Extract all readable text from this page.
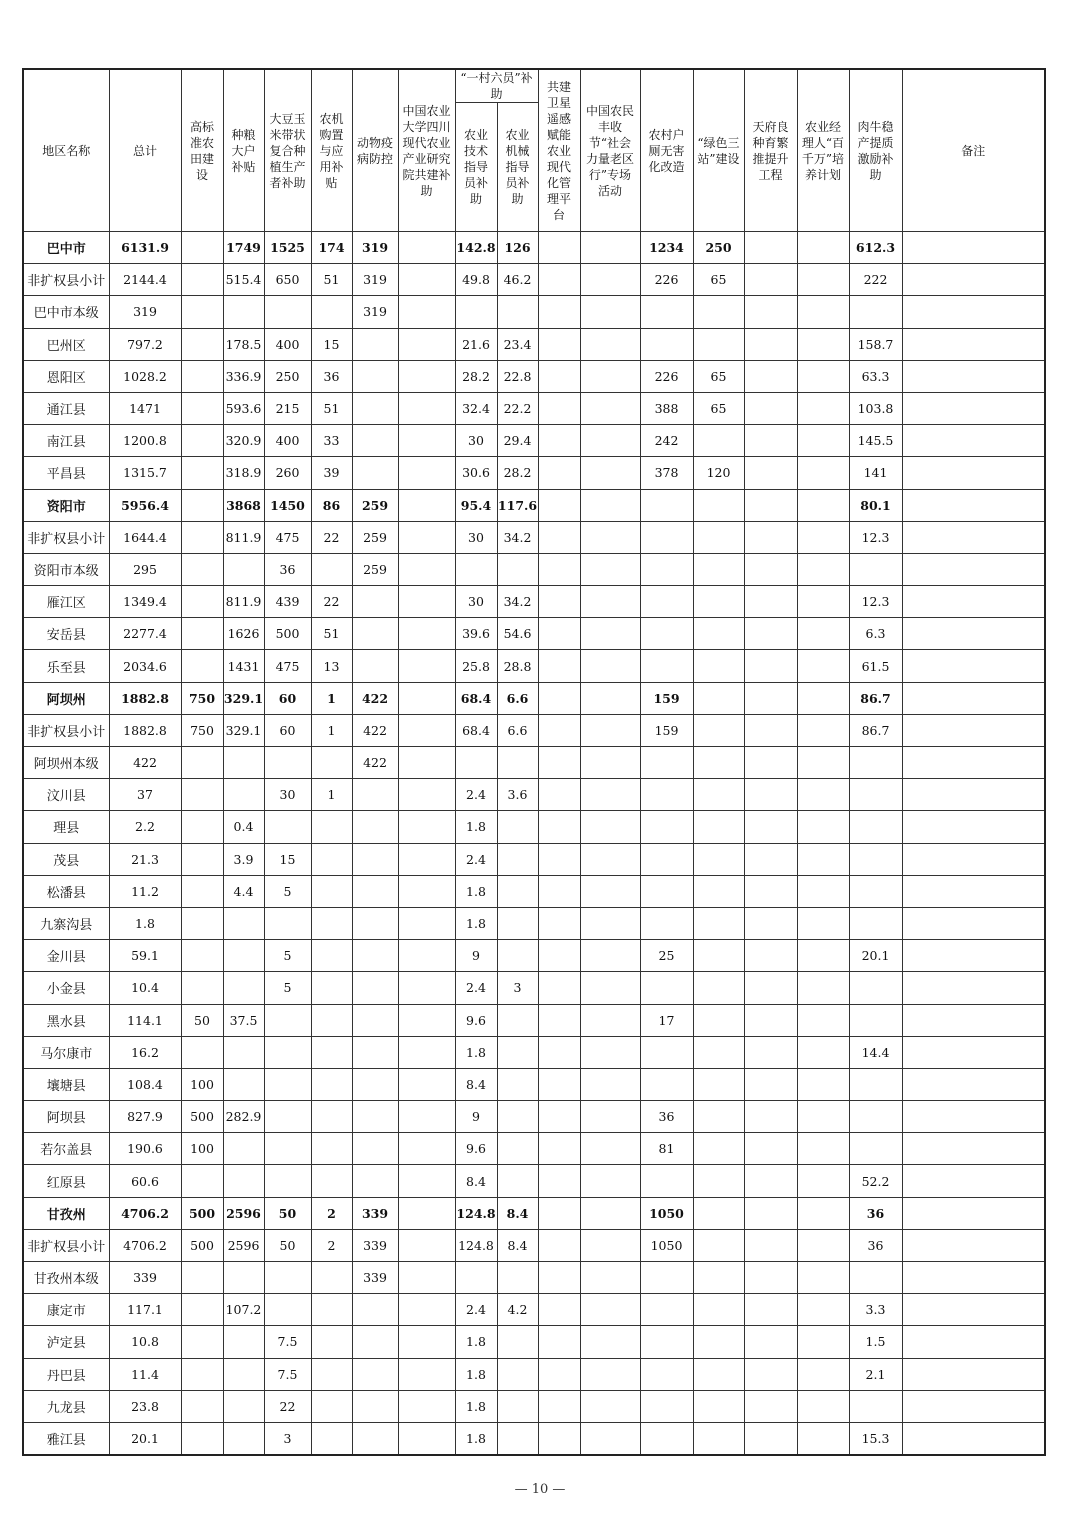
地区名称	总计	高标准农田建设	种粮大户补贴	大豆玉米带状复合种植生产者补助	农机购置与应用补贴	动物疫病防控	中国农业大学四川现代农业产业研究院共建补助	“一村六员”补助		共建卫星遥感赋能农业现代化管理平台	中国农民丰收节“社会力量老区行”专场活动	农村户厕无害化改造	“绿色三站”建设	天府良种育繁推提升工程	农业经理人“百千万”培养计划	肉牛稳产提质激励补助	备注
								农业技术指导员补助	农业机械指导员补助								
巴中市	6131.9		1749	1525	174	319		142.8	126			1234	250			612.3	
非扩权县小计	2144.4		515.4	650	51	319		49.8	46.2			226	65			222	
巴中市本级	319					319											
巴州区	797.2		178.5	400	15			21.6	23.4							158.7	
恩阳区	1028.2		336.9	250	36			28.2	22.8			226	65			63.3	
通江县	1471		593.6	215	51			32.4	22.2			388	65			103.8	
南江县	1200.8		320.9	400	33			30	29.4			242				145.5	
平昌县	1315.7		318.9	260	39			30.6	28.2			378	120			141	
资阳市	5956.4		3868	1450	86	259		95.4	117.6							80.1	
非扩权县小计	1644.4		811.9	475	22	259		30	34.2							12.3	
资阳市本级	295			36		259											
雁江区	1349.4		811.9	439	22			30	34.2							12.3	
安岳县	2277.4		1626	500	51			39.6	54.6							6.3	
乐至县	2034.6		1431	475	13			25.8	28.8							61.5	
阿坝州	1882.8	750	329.1	60	1	422		68.4	6.6			159				86.7	
非扩权县小计	1882.8	750	329.1	60	1	422		68.4	6.6			159				86.7	
阿坝州本级	422					422											
汶川县	37			30	1			2.4	3.6								
理县	2.2		0.4					1.8									
茂县	21.3		3.9	15				2.4									
松潘县	11.2		4.4	5				1.8									
九寨沟县	1.8							1.8									
金川县	59.1			5				9				25				20.1	
小金县	10.4			5				2.4	3								
黑水县	114.1	50	37.5					9.6				17					
马尔康市	16.2							1.8								14.4	
壤塘县	108.4	100						8.4									
阿坝县	827.9	500	282.9					9				36					
若尔盖县	190.6	100						9.6				81					
红原县	60.6							8.4								52.2	
甘孜州	4706.2	500	2596	50	2	339		124.8	8.4			1050				36	
非扩权县小计	4706.2	500	2596	50	2	339		124.8	8.4			1050				36	
甘孜州本级	339					339											
康定市	117.1		107.2					2.4	4.2							3.3	
泸定县	10.8			7.5				1.8								1.5	
丹巴县	11.4			7.5				1.8								2.1	
九龙县	23.8			22				1.8									
雅江县	20.1			3				1.8								15.3	
— 10 —
